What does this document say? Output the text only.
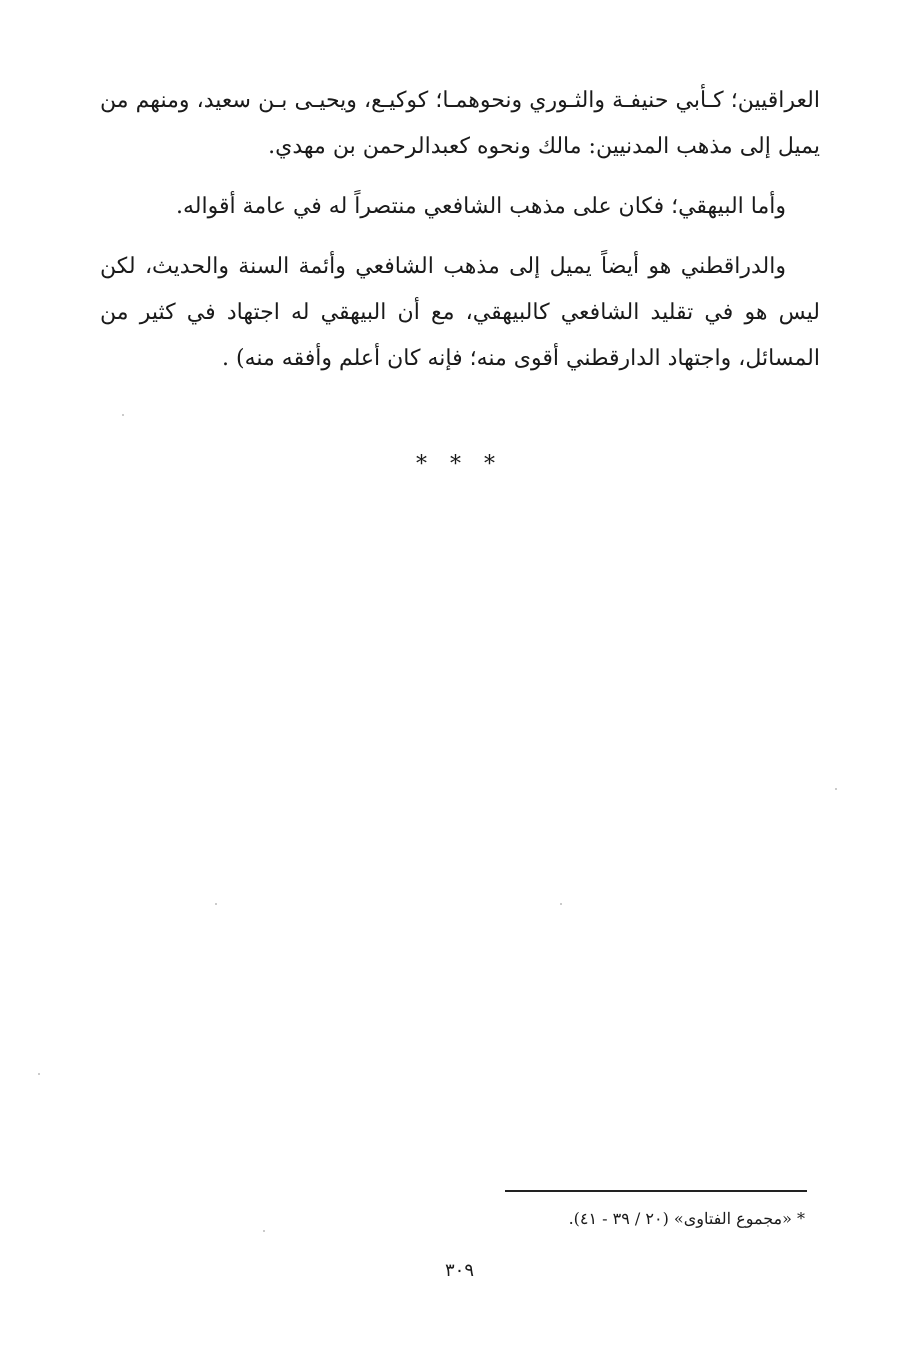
العراقيين؛ كـأبي حنيفـة والثـوري ونحوهمـا؛ كوكيـع، ويحيـى بـن سعيد، ومنهم من يميل إلى مذهب المدنيين: مالك ونحوه كعبدالرحمن بن مهدي.

وأما البيهقي؛ فكان على مذهب الشافعي منتصراً له في عامة أقواله.

والدراقطني هو أيضاً يميل إلى مذهب الشافعي وأئمة السنة والحديث، لكن ليس هو في تقليد الشافعي كالبيهقي، مع أن البيهقي له اجتهاد في كثير من المسائل، واجتهاد الدارقطني أقوى منه؛ فإنه كان أعلم وأفقه منه) .

* * *
* «مجموع الفتاوى» (٢٠ / ٣٩ - ٤١).
٣٠٩
